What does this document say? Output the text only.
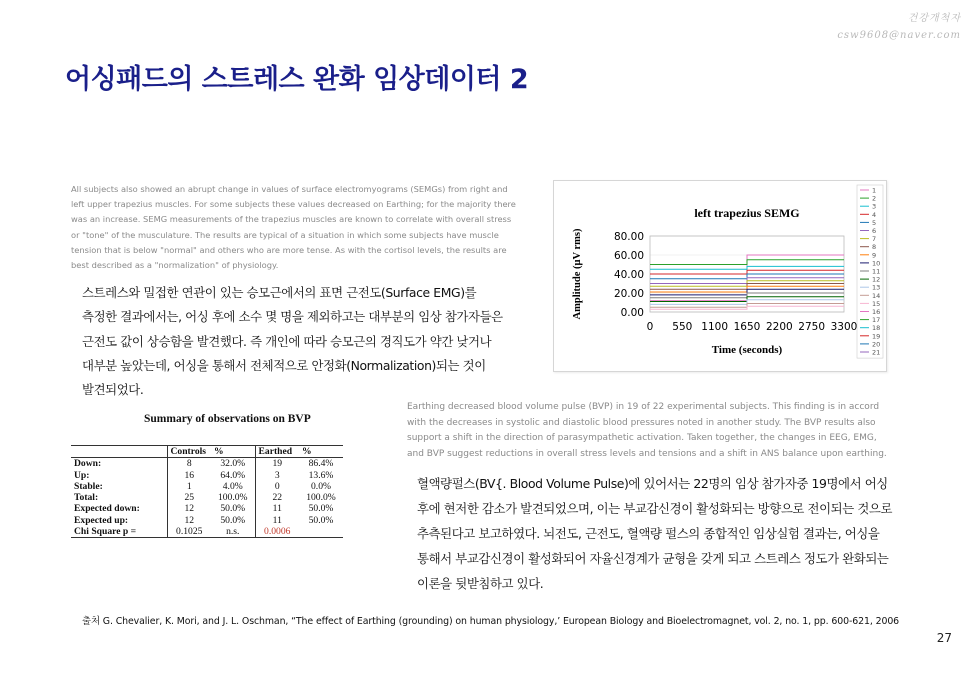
건강개척자
csw9608@naver.com
어싱패드의 스트레스 완화 임상데이터 2
All subjects also showed an abrupt change in values of surface electromyograms (SEMGs) from right and
left upper trapezius muscles. For some subjects these values decreased on Earthing; for the majority there
was an increase. SEMG measurements of the trapezius muscles are known to correlate with overall stress
or "tone" of the musculature. The results are typical of a situation in which some subjects have muscle
tension that is below "normal" and others who are more tense. As with the cortisol levels, the results are
best described as a "normalization" of physiology.
스트레스와 밀접한 연관이 있는 승모근에서의 표면 근전도(Surface EMG)를
측정한 결과에서는, 어싱 후에 소수 몇 명을 제외하고는 대부분의 임상 참가자들은
근전도 값이 상승함을 발견했다. 즉 개인에 따라 승모근의 경직도가 약간 낮거나
대부분 높았는데, 어싱을 통해서 전체적으로 안정화(Normalization)되는 것이
발견되었다.
left trapezius SEMG
80.00
60.00
40.00
20.00
0.00
0 550 1100 1650 2200 2750 3300
Time (seconds)
Amplitude (μV rms)
1
2
3
4
5
6
7
8
9
10
11
12
13
14
15
16
17
18
19
20
21
Summary of observations on BVP
	Controls	%	Earthed	%
Down:	8	32.0%	19	86.4%
Up:	16	64.0%	3	13.6%
Stable:	1	4.0%	0	0.0%
Total:	25	100.0%	22	100.0%
Expected down:	12	50.0%	11	50.0%
Expected up:	12	50.0%	11	50.0%
Chi Square p =	0.1025	n.s.	0.0006	
Earthing decreased blood volume pulse (BVP) in 19 of 22 experimental subjects. This finding is in accord
with the decreases in systolic and diastolic blood pressures noted in another study. The BVP results also
support a shift in the direction of parasympathetic activation. Taken together, the changes in EEG, EMG,
and BVP suggest reductions in overall stress levels and tensions and a shift in ANS balance upon earthing.
혈액량펄스(BV{. Blood Volume Pulse)에 있어서는 22명의 임상 참가자중 19명에서 어싱
후에 현저한 감소가 발견되었으며, 이는 부교감신경이 활성화되는 방향으로 전이되는 것으로
추측된다고 보고하였다. 뇌전도, 근전도, 혈액량 펄스의 종합적인 임상실험 결과는, 어싱을
통해서 부교감신경이 활성화되어 자율신경계가 균형을 갖게 되고 스트레스 정도가 완화되는
이론을 뒷받침하고 있다.
출처 G. Chevalier, K. Mori, and J. L. Oschman, “The effect of Earthing (grounding) on human physiology,’ European Biology and Bioelectromagnet, vol. 2, no. 1, pp. 600-621, 2006
27
